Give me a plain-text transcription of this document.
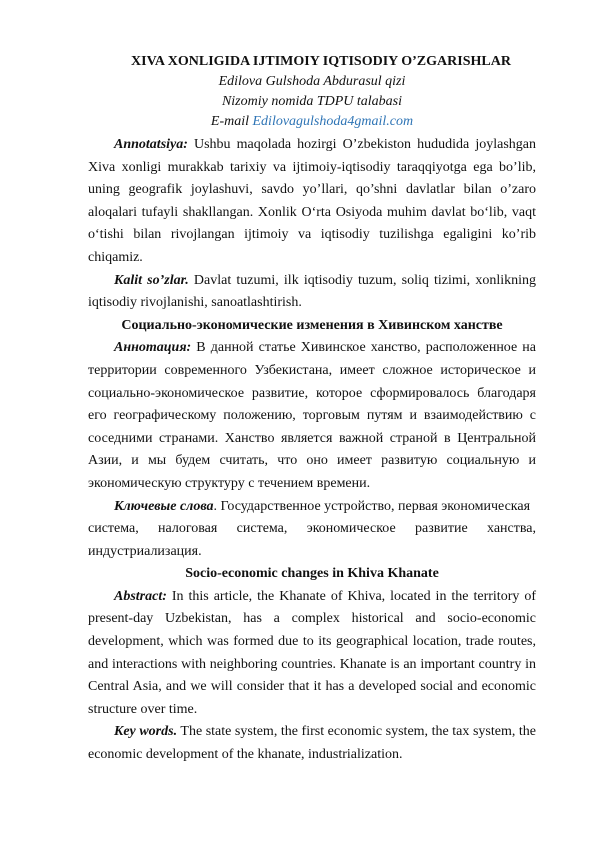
XIVA XONLIGIDA IJTIMOIY IQTISODIY O’ZGARISHLAR

Edilova Gulshoda Abdurasul qizi

Nizomiy nomida TDPU talabasi

E-mail Edilovagulshoda4gmail.com

Annotatsiya: Ushbu maqolada hozirgi O’zbekiston hududida joylashgan Xiva xonligi murakkab tarixiy va ijtimoiy-iqtisodiy taraqqiyotga ega bo’lib, uning geografik joylashuvi, savdo yo’llari, qo’shni davlatlar bilan o’zaro aloqalari tufayli shakllangan. Xonlik O‘rta Osiyoda muhim davlat bo‘lib, vaqt o‘tishi bilan rivojlangan ijtimoiy va iqtisodiy tuzilishga egaligini ko’rib chiqamiz.

Kalit so’zlar. Davlat tuzumi, ilk iqtisodiy tuzum, soliq tizimi, xonlikning iqtisodiy rivojlanishi, sanoatlashtirish.

Социально-экономические изменения в Хивинском ханстве

Аннотация: В данной статье Хивинское ханство, расположенное на территории современного Узбекистана, имеет сложное историческое и социально-экономическое развитие, которое сформировалось благодаря его географическому положению, торговым путям и взаимодействию с соседними странами. Ханство является важной страной в Центральной Азии, и мы будем считать, что оно имеет развитую социальную и экономическую структуру с течением времени.

Ключевые слова. Государственное устройство, первая экономическая

система, налоговая система, экономическое развитие ханства,

индустриализация.

Socio-economic changes in Khiva Khanate

Abstract: In this article, the Khanate of Khiva, located in the territory of present-day Uzbekistan, has a complex historical and socio-economic development, which was formed due to its geographical location, trade routes, and interactions with neighboring countries. Khanate is an important country in Central Asia, and we will consider that it has a developed social and economic structure over time.

Key words. The state system, the first economic system, the tax system, the economic development of the khanate, industrialization.
